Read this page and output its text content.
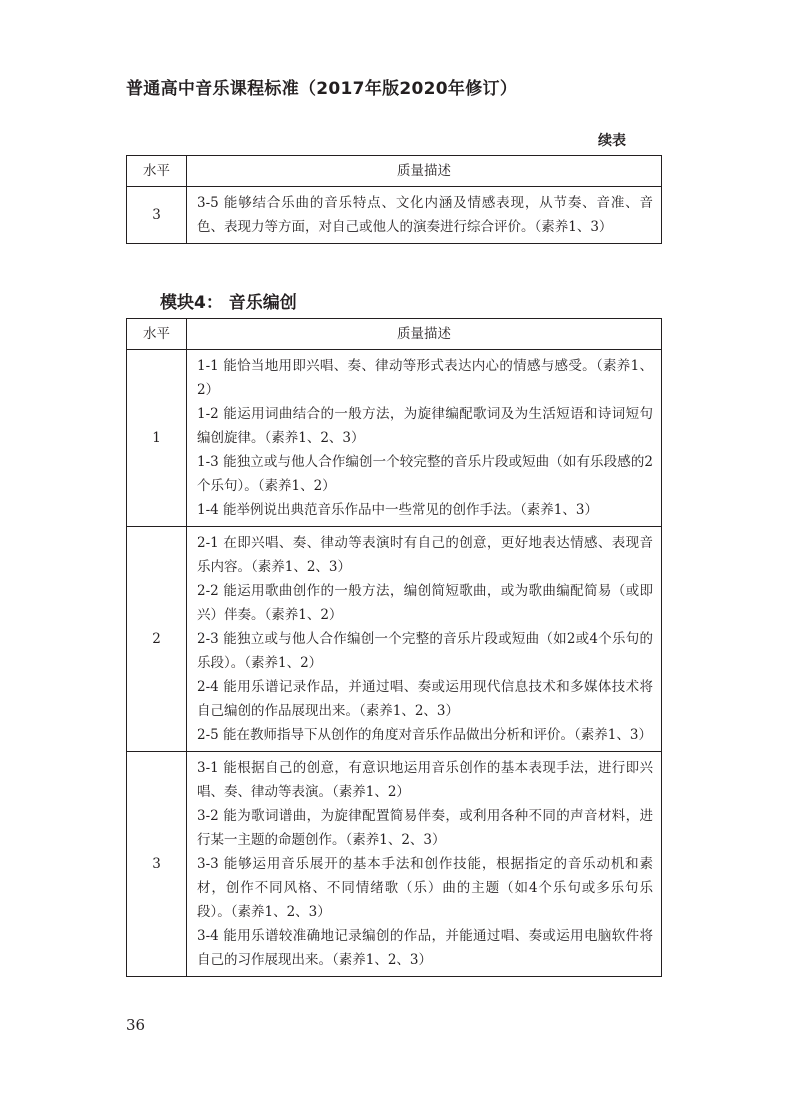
普通高中音乐课程标准（2017年版2020年修订）
续表
水平	质量描述
3	3-5 能够结合乐曲的音乐特点、文化内涵及情感表现，从节奏、音准、音色、表现力等方面，对自己或他人的演奏进行综合评价。（素养1、3）
模块4： 音乐编创
水平	质量描述
1	1-1 能恰当地用即兴唱、奏、律动等形式表达内心的情感与感受。（素养1、2）
1-2 能运用词曲结合的一般方法，为旋律编配歌词及为生活短语和诗词短句编创旋律。（素养1、2、3）
1-3 能独立或与他人合作编创一个较完整的音乐片段或短曲（如有乐段感的2个乐句）。（素养1、2）
1-4 能举例说出典范音乐作品中一些常见的创作手法。（素养1、3）

2	2-1 在即兴唱、奏、律动等表演时有自己的创意，更好地表达情感、表现音乐内容。（素养1、2、3）
2-2 能运用歌曲创作的一般方法，编创简短歌曲，或为歌曲编配简易（或即兴）伴奏。（素养1、2）
2-3 能独立或与他人合作编创一个完整的音乐片段或短曲（如2或4个乐句的乐段）。（素养1、2）
2-4 能用乐谱记录作品，并通过唱、奏或运用现代信息技术和多媒体技术将自己编创的作品展现出来。（素养1、2、3）
2-5 能在教师指导下从创作的角度对音乐作品做出分析和评价。（素养1、3）

3	3-1 能根据自己的创意，有意识地运用音乐创作的基本表现手法，进行即兴唱、奏、律动等表演。（素养1、2）
3-2 能为歌词谱曲，为旋律配置简易伴奏，或利用各种不同的声音材料，进行某一主题的命题创作。（素养1、2、3）
3-3 能够运用音乐展开的基本手法和创作技能，根据指定的音乐动机和素材，创作不同风格、不同情绪歌（乐）曲的主题（如4个乐句或多乐句乐段）。（素养1、2、3）
3-4 能用乐谱较准确地记录编创的作品，并能通过唱、奏或运用电脑软件将自己的习作展现出来。（素养1、2、3）
36
